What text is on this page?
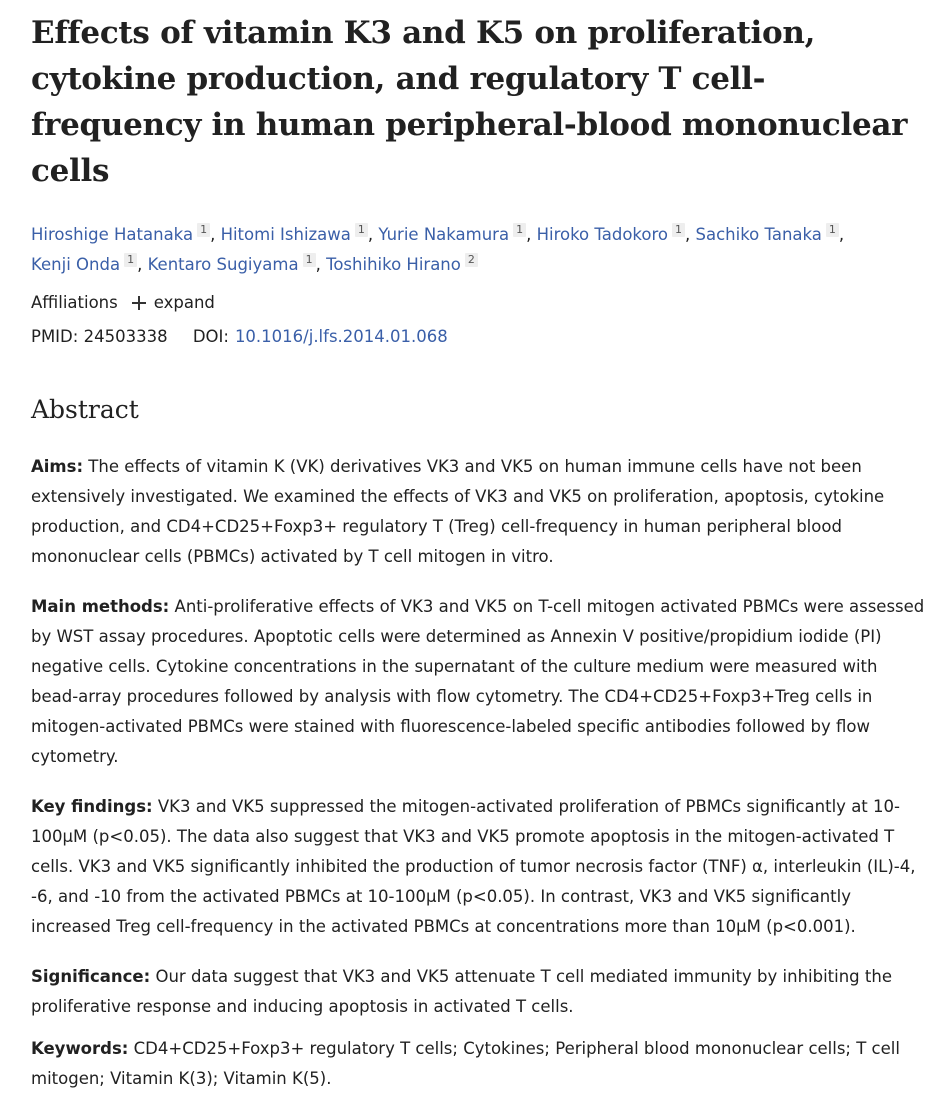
Effects of vitamin K3 and K5 on proliferation, cytokine production, and regulatory T cell-frequency in human peripheral-blood mononuclear cells
Hiroshige Hatanaka 1 , Hitomi Ishizawa 1 , Yurie Nakamura 1 , Hiroko Tadokoro 1 , Sachiko Tanaka 1 ,
Kenji Onda 1 , Kentaro Sugiyama 1 , Toshihiko Hirano 2
Affiliations expand
PMID: 24503338 DOI: 10.1016/j.lfs.2014.01.068
Abstract

Aims: The effects of vitamin K (VK) derivatives VK3 and VK5 on human immune cells have not been extensively investigated. We examined the effects of VK3 and VK5 on proliferation, apoptosis, cytokine production, and CD4+CD25+Foxp3+ regulatory T (Treg) cell-frequency in human peripheral blood mononuclear cells (PBMCs) activated by T cell mitogen in vitro.

Main methods: Anti-proliferative effects of VK3 and VK5 on T-cell mitogen activated PBMCs were assessed by WST assay procedures. Apoptotic cells were determined as Annexin V positive/propidium iodide (PI) negative cells. Cytokine concentrations in the supernatant of the culture medium were measured with bead-array procedures followed by analysis with flow cytometry. The CD4+CD25+Foxp3+Treg cells in mitogen-activated PBMCs were stained with fluorescence-labeled specific antibodies followed by flow cytometry.

Key findings: VK3 and VK5 suppressed the mitogen-activated proliferation of PBMCs significantly at 10-100μM (p<0.05). The data also suggest that VK3 and VK5 promote apoptosis in the mitogen-activated T cells. VK3 and VK5 significantly inhibited the production of tumor necrosis factor (TNF) α, interleukin (IL)-4, -6, and -10 from the activated PBMCs at 10-100μM (p<0.05). In contrast, VK3 and VK5 significantly increased Treg cell-frequency in the activated PBMCs at concentrations more than 10μM (p<0.001).

Significance: Our data suggest that VK3 and VK5 attenuate T cell mediated immunity by inhibiting the proliferative response and inducing apoptosis in activated T cells.

Keywords: CD4+CD25+Foxp3+ regulatory T cells; Cytokines; Peripheral blood mononuclear cells; T cell mitogen; Vitamin K(3); Vitamin K(5).
